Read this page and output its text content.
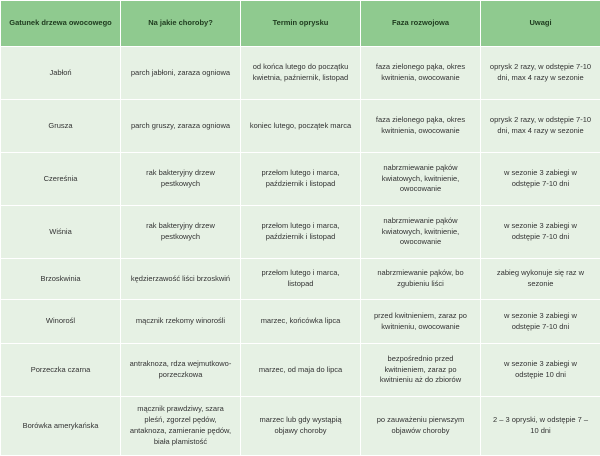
Gatunek drzewa owocowego	Na jakie choroby?	Termin oprysku	Faza rozwojowa	Uwagi
Jabłoń	parch jabłoni, zaraza ogniowa	od końca lutego do początku kwietnia, paźniernik, listopad	faza zielonego pąka, okres kwitnienia, owocowanie	oprysk 2 razy, w odstępie 7-10 dni, max 4 razy w sezonie
Grusza	parch gruszy, zaraza ogniowa	koniec lutego, początek marca	faza zielonego pąka, okres kwitnienia, owocowanie	oprysk 2 razy, w odstępie 7-10 dni, max 4 razy w sezonie
Czereśnia	rak bakteryjny drzew pestkowych	przełom lutego i marca, październik i listopad	nabrzmiewanie pąków kwiatowych, kwitnienie, owocowanie	w sezonie 3 zabiegi w odstępie 7-10 dni
Wiśnia	rak bakteryjny drzew pestkowych	przełom lutego i marca, październik i listopad	nabrzmiewanie pąków kwiatowych, kwitnienie, owocowanie	w sezonie 3 zabiegi w odstępie 7-10 dni
Brzoskwinia	kędzierzawość liści brzoskwiń	przełom lutego i marca, listopad	nabrzmiewanie pąków, bo zgubieniu liści	zabieg wykonuje się raz w sezonie
Winorośl	mącznik rzekomy winorośli	marzec, końcówka lipca	przed kwitnieniem, zaraz po kwitnieniu, owocowanie	w sezonie 3 zabiegi w odstępie 7-10 dni
Porzeczka czarna	antraknoza, rdza wejmutkowo-porzeczkowa	marzec, od maja do lipca	bezpośrednio przed kwitnieniem, zaraz po kwitnieniu aż do zbiorów	w sezonie 3 zabiegi w odstępie 10 dni
Borówka amerykańska	mącznik prawdziwy, szara pleśń, zgorzel pędów, antaknoza, zamieranie pędów, biała plamistość	marzec lub gdy wystąpią objawy choroby	po zauważeniu pierwszym objawów choroby	2 – 3 opryski, w odstępie 7 – 10 dni
